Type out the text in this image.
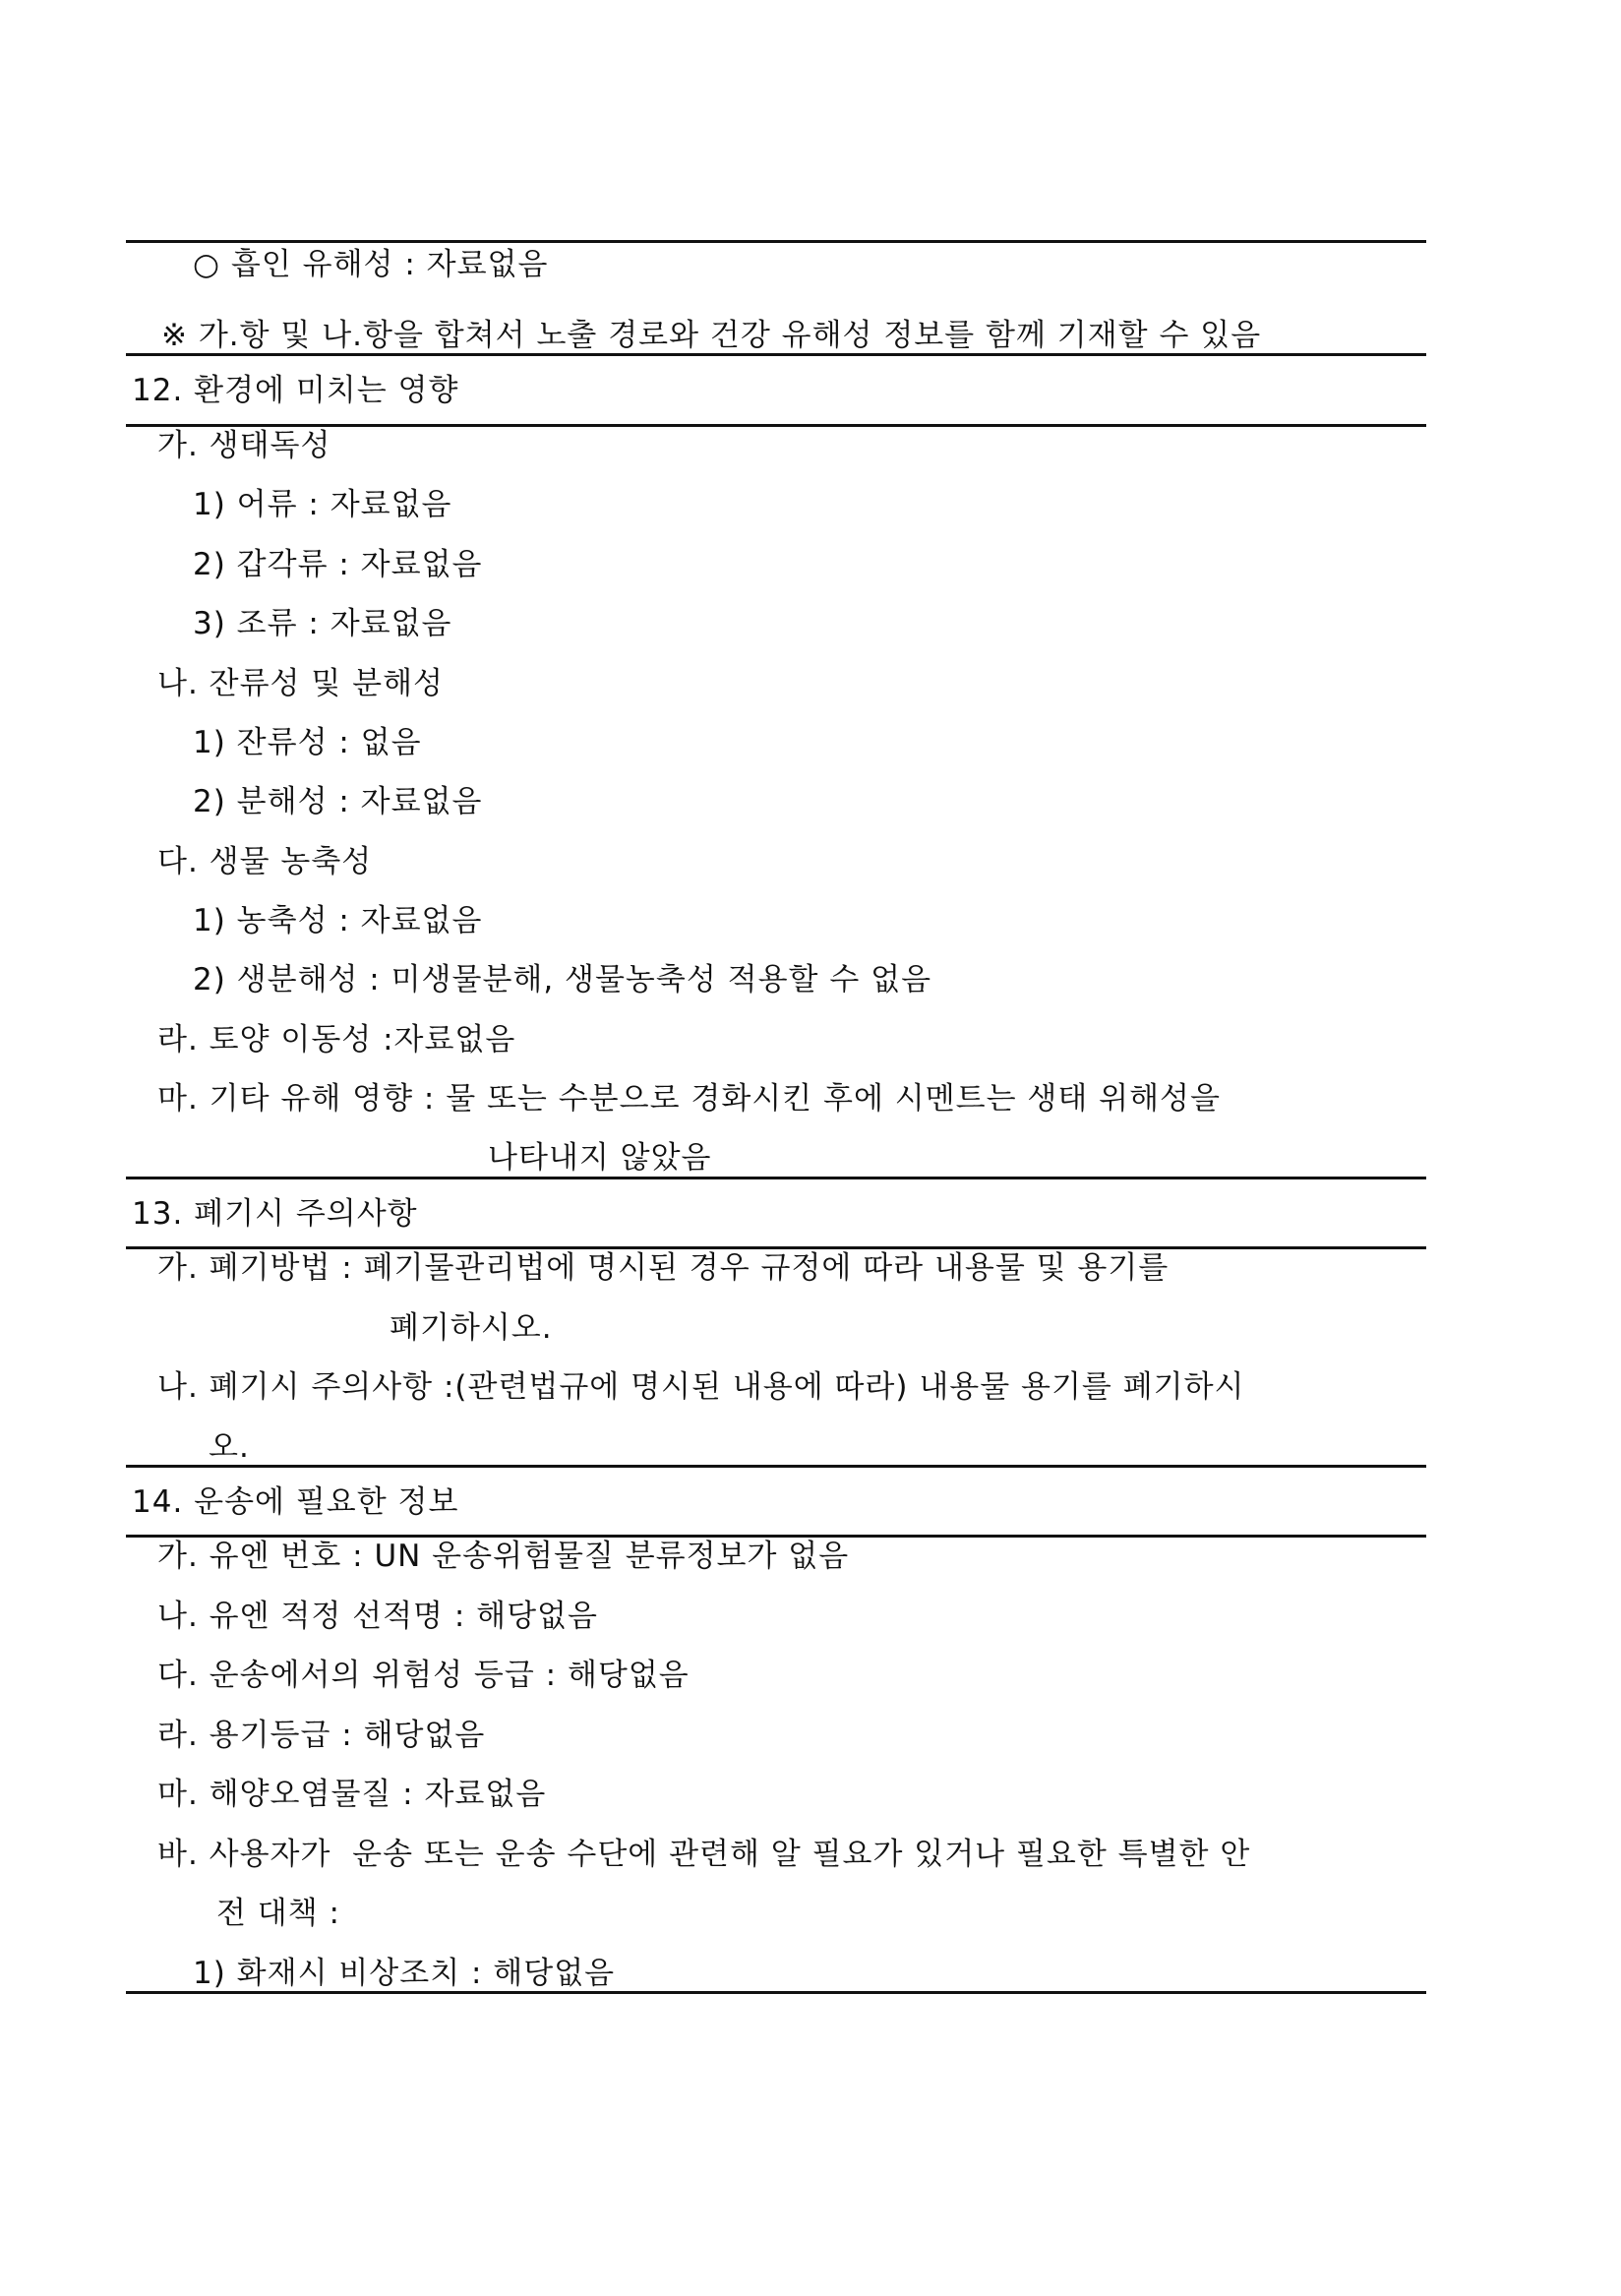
○ 흡인 유해성 : 자료없음
※ 가.항 및 나.항을 합쳐서 노출 경로와 건강 유해성 정보를 함께 기재할 수 있음
12. 환경에 미치는 영향
가. 생태독성
1) 어류 : 자료없음
2) 갑각류 : 자료없음
3) 조류 : 자료없음
나. 잔류성 및 분해성
1) 잔류성 : 없음
2) 분해성 : 자료없음
다. 생물 농축성
1) 농축성 : 자료없음
2) 생분해성 : 미생물분해, 생물농축성 적용할 수 없음
라. 토양 이동성 :자료없음
마. 기타 유해 영향 : 물 또는 수분으로 경화시킨 후에 시멘트는 생태 위해성을
나타내지 않았음
13. 폐기시 주의사항
가. 폐기방법 : 폐기물관리법에 명시된 경우 규정에 따라 내용물 및 용기를
폐기하시오.
나. 폐기시 주의사항 :(관련법규에 명시된 내용에 따라) 내용물 용기를 폐기하시
오.
14. 운송에 필요한 정보
가. 유엔 번호 : UN 운송위험물질 분류정보가 없음
나. 유엔 적정 선적명 : 해당없음
다. 운송에서의 위험성 등급 : 해당없음
라. 용기등급 : 해당없음
마. 해양오염물질 : 자료없음
바. 사용자가  운송 또는 운송 수단에 관련해 알 필요가 있거나 필요한 특별한 안
전 대책 :
1) 화재시 비상조치 : 해당없음
